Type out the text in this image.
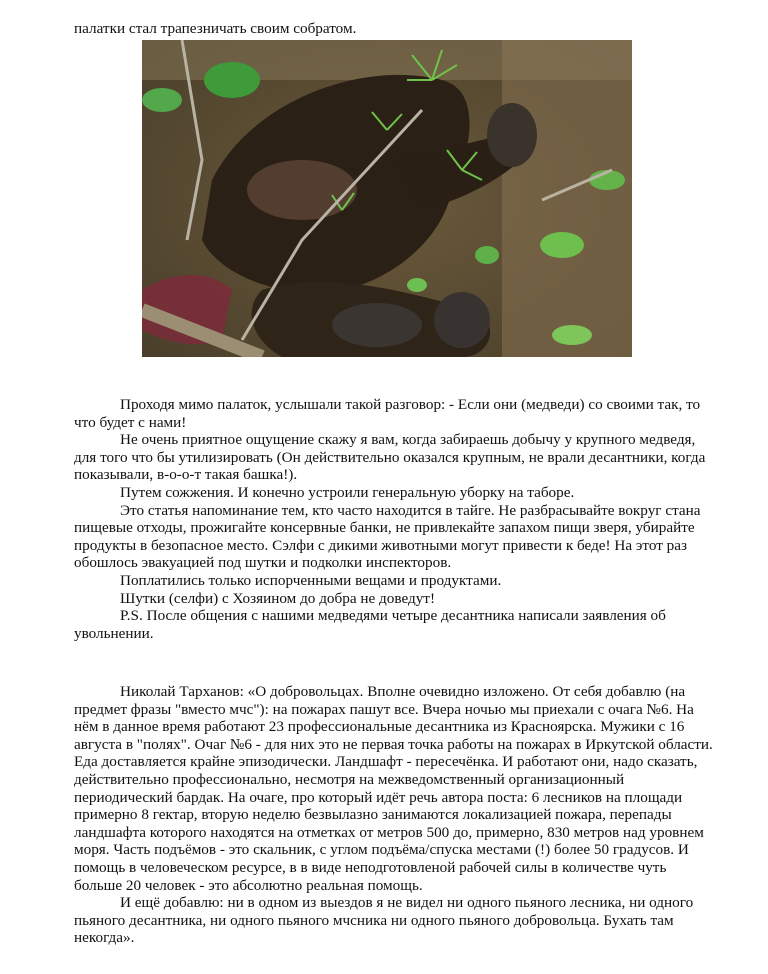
палатки стал трапезничать своим собратом.

Проходя мимо палаток, услышали такой разговор: - Если они (медведи) со своими так, то что будет с нами!

Не очень приятное ощущение скажу я вам, когда забираешь добычу у крупного медведя, для того что бы утилизировать (Он действительно оказался крупным, не врали десантники, когда показывали, в-о-о-т такая башка!).

Путем сожжения. И конечно устроили генеральную уборку на таборе.

Это статья напоминание тем, кто часто находится в тайге. Не разбрасывайте вокруг стана пищевые отходы, прожигайте консервные банки, не привлекайте запахом пищи зверя, убирайте продукты в безопасное место. Сэлфи с дикими животными могут привести к беде! На этот раз обошлось эвакуацией под шутки и подколки инспекторов.

Поплатились только испорченными вещами и продуктами.

Шутки (селфи) с Хозяином до добра не доведут!

P.S. После общения с нашими медведями четыре десантника написали заявления об увольнении.

Николай Тарханов: «О добровольцах. Вполне очевидно изложено. От себя добавлю (на предмет фразы "вместо мчс"): на пожарах пашут все. Вчера ночью мы приехали с очага №6. На нём в данное время работают 23 профессиональные десантника из Красноярска. Мужики с 16 августа в "полях". Очаг №6 - для них это не первая точка работы на пожарах в Иркутской области. Еда доставляется крайне эпизодически. Ландшафт - пересечёнка. И работают они, надо сказать, действительно профессионально, несмотря на межведомственный организационный периодический бардак. На очаге, про который идёт речь автора поста: 6 лесников на площади примерно 8 гектар, вторую неделю безвылазно занимаются локализацией пожара, перепады ландшафта которого находятся на отметках от метров 500 до, примерно, 830 метров над уровнем моря. Часть подъёмов - это скальник, с углом подъёма/спуска местами (!) более 50 градусов. И помощь в человеческом ресурсе, в в виде неподготовленой рабочей силы в количестве чуть больше 20 человек - это абсолютно реальная помощь.

И ещё добавлю: ни в одном из выездов я не видел ни одного пьяного лесника, ни одного пьяного десантника, ни одного пьяного мчсника ни одного пьяного добровольца. Бухать там некогда».
